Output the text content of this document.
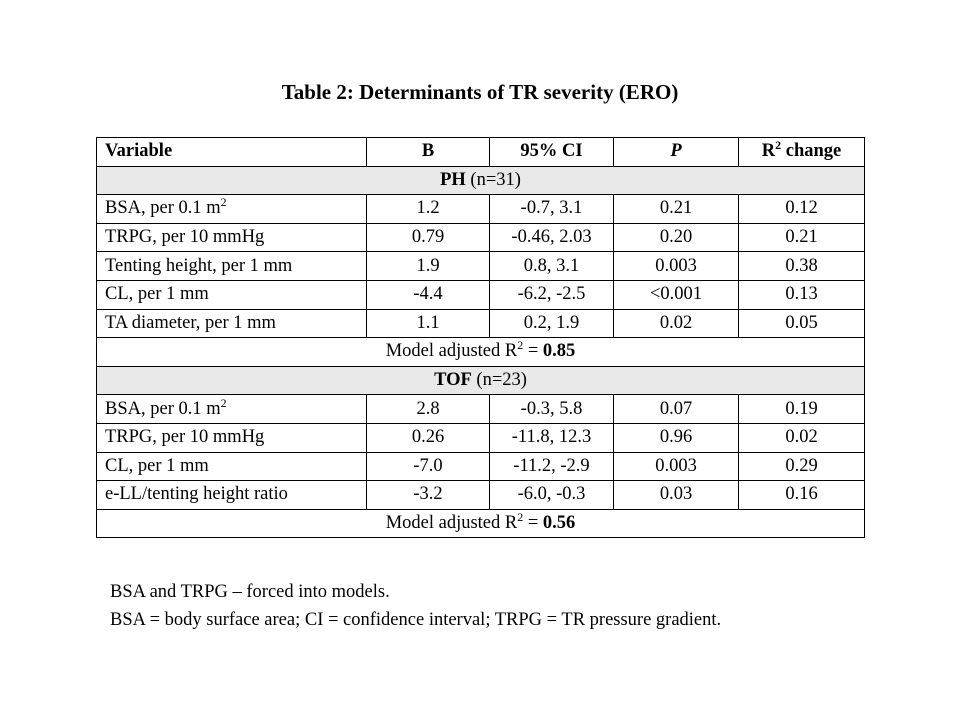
Table 2: Determinants of TR severity (ERO)
Variable	B	95% CI	P	$R^2$ change
PH (n=31)				
BSA, per 0.1 $m^2$	1.2	-0.7, 3.1	0.21	0.12
TRPG, per 10 mmHg	0.79	-0.46, 2.03	0.20	0.21
Tenting height, per 1 mm	1.9	0.8, 3.1	0.003	0.38
CL, per 1 mm	-4.4	-6.2, -2.5	<0.001	0.13
TA diameter, per 1 mm	1.1	0.2, 1.9	0.02	0.05
Model adjusted $R^2 = 0.85$				
TOF (n=23)				
BSA, per 0.1 $m^2$	2.8	-0.3, 5.8	0.07	0.19
TRPG, per 10 mmHg	0.26	-11.8, 12.3	0.96	0.02
CL, per 1 mm	-7.0	-11.2, -2.9	0.003	0.29
e-LL/tenting height ratio	-3.2	-6.0, -0.3	0.03	0.16
Model adjusted $R^2 = 0.56$				
BSA and TRPG – forced into models.
BSA = body surface area; CI = confidence interval; TRPG = TR pressure gradient.
